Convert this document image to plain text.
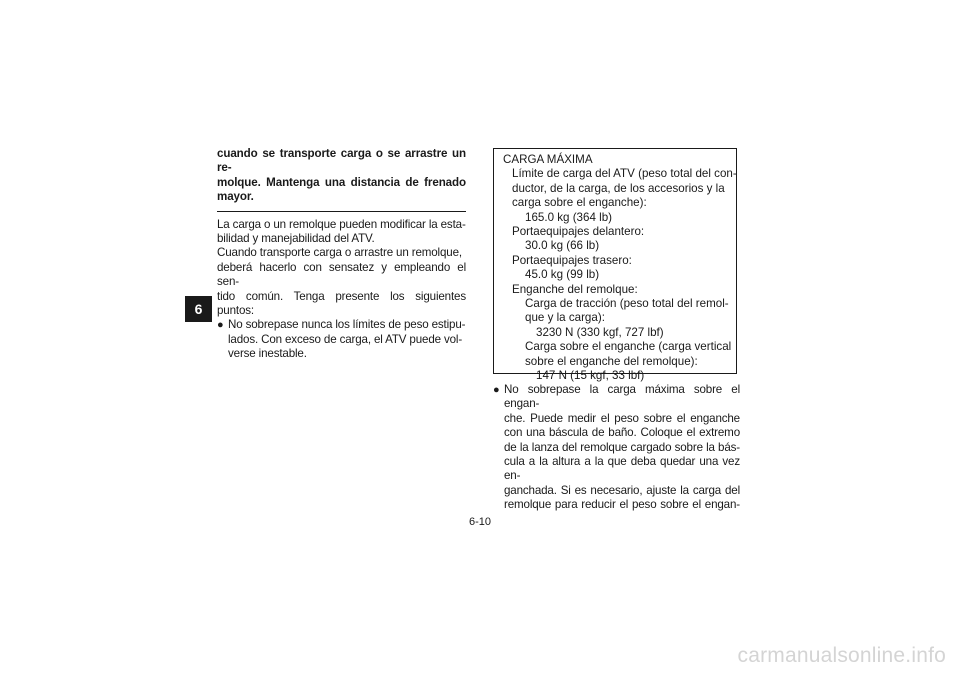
6
cuando se transporte carga o se arrastre un re-
molque. Mantenga una distancia de frenado
mayor.
La carga o un remolque pueden modificar la esta-
bilidad y manejabilidad del ATV.
Cuando transporte carga o arrastre un remolque,
deberá hacerlo con sensatez y empleando el sen-
tido común. Tenga presente los siguientes puntos:
● No sobrepase nunca los límites de peso estipu-
lados. Con exceso de carga, el ATV puede vol-
verse inestable.
CARGA MÁXIMA
Límite de carga del ATV (peso total del con-
ductor, de la carga, de los accesorios y la
carga sobre el enganche):
165.0 kg (364 lb)
Portaequipajes delantero:
30.0 kg (66 lb)
Portaequipajes trasero:
45.0 kg (99 lb)
Enganche del remolque:
Carga de tracción (peso total del remol-
que y la carga):
3230 N (330 kgf, 727 lbf)
Carga sobre el enganche (carga vertical
sobre el enganche del remolque):
147 N (15 kgf, 33 lbf)
● No sobrepase la carga máxima sobre el engan-
che. Puede medir el peso sobre el enganche
con una báscula de baño. Coloque el extremo
de la lanza del remolque cargado sobre la bás-
cula a la altura a la que deba quedar una vez en-
ganchada. Si es necesario, ajuste la carga del
remolque para reducir el peso sobre el engan-
6-10
carmanualsonline.info
